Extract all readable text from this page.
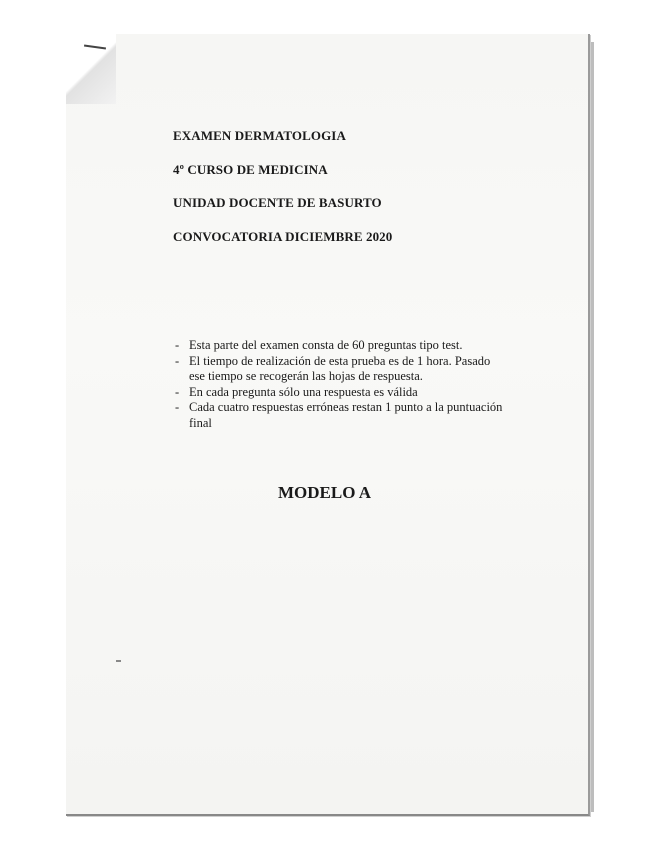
EXAMEN DERMATOLOGIA

4º CURSO DE MEDICINA

UNIDAD DOCENTE DE BASURTO

CONVOCATORIA DICIEMBRE 2020

- Esta parte del examen consta de 60 preguntas tipo test.
- El tiempo de realización de esta prueba es de 1 hora. Pasado ese tiempo se recogerán las hojas de respuesta.
- En cada pregunta sólo una respuesta es válida
- Cada cuatro respuestas erróneas restan 1 punto a la puntuación final

MODELO A
